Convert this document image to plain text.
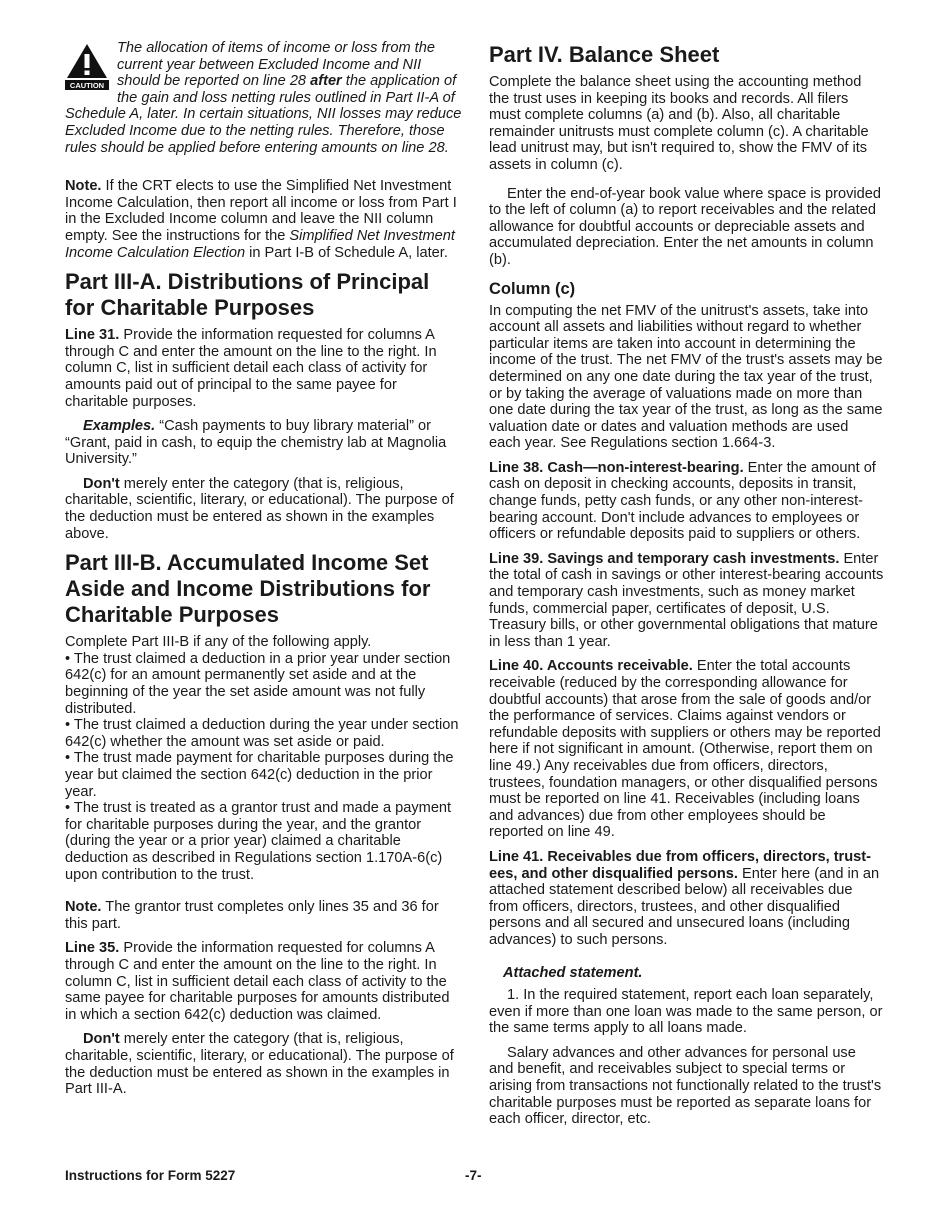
CAUTION

The allocation of items of income or loss from the current year between Excluded Income and NII should be reported on line 28 after the application of the gain and loss netting rules outlined in Part II-A of Schedule A, later. In certain situations, NII losses may reduce Excluded Income due to the netting rules. Therefore, those rules should be applied before entering amounts on line 28.

Note. If the CRT elects to use the Simplified Net Investment Income Calculation, then report all income or loss from Part I in the Excluded Income column and leave the NII column empty. See the instructions for the Simplified Net Investment Income Calculation Election in Part I-B of Schedule A, later.

Part III-A. Distributions of Principal for Charitable Purposes

Line 31. Provide the information requested for columns A through C and enter the amount on the line to the right. In column C, list in sufficient detail each class of activity for amounts paid out of principal to the same payee for charitable purposes.

Examples. “Cash payments to buy library material” or “Grant, paid in cash, to equip the chemistry lab at Magnolia University.”

Don't merely enter the category (that is, religious, charitable, scientific, literary, or educational). The purpose of the deduction must be entered as shown in the examples above.

Part III-B. Accumulated Income Set Aside and Income Distributions for Charitable Purposes

Complete Part III-B if any of the following apply.

• The trust claimed a deduction in a prior year under section 642(c) for an amount permanently set aside and at the beginning of the year the set aside amount was not fully distributed.

• The trust claimed a deduction during the year under section 642(c) whether the amount was set aside or paid.

• The trust made payment for charitable purposes during the year but claimed the section 642(c) deduction in the prior year.

• The trust is treated as a grantor trust and made a payment for charitable purposes during the year, and the grantor (during the year or a prior year) claimed a charitable deduction as described in Regulations section 1.170A-6(c) upon contribution to the trust.

Note. The grantor trust completes only lines 35 and 36 for this part.

Line 35. Provide the information requested for columns A through C and enter the amount on the line to the right. In column C, list in sufficient detail each class of activity to the same payee for charitable purposes for amounts distributed in which a section 642(c) deduction was claimed.

Don't merely enter the category (that is, religious, charitable, scientific, literary, or educational). The purpose of the deduction must be entered as shown in the examples in Part III-A.

Part IV. Balance Sheet

Complete the balance sheet using the accounting method the trust uses in keeping its books and records. All filers must complete columns (a) and (b). Also, all charitable remainder unitrusts must complete column (c). A charitable lead unitrust may, but isn't required to, show the FMV of its assets in column (c).

Enter the end-of-year book value where space is provided to the left of column (a) to report receivables and the related allowance for doubtful accounts or depreciable assets and accumulated depreciation. Enter the net amounts in column (b).

Column (c)

In computing the net FMV of the unitrust's assets, take into account all assets and liabilities without regard to whether particular items are taken into account in determining the income of the trust. The net FMV of the trust's assets may be determined on any one date during the tax year of the trust, or by taking the average of valuations made on more than one date during the tax year of the trust, as long as the same valuation date or dates and valuation methods are used each year. See Regulations section 1.664-3.

Line 38. Cash—non-interest-bearing. Enter the amount of cash on deposit in checking accounts, deposits in transit, change funds, petty cash funds, or any other non-interest-bearing account. Don't include advances to employees or officers or refundable deposits paid to suppliers or others.

Line 39. Savings and temporary cash investments. Enter the total of cash in savings or other interest-bearing accounts and temporary cash investments, such as money market funds, commercial paper, certificates of deposit, U.S. Treasury bills, or other governmental obligations that mature in less than 1 year.

Line 40. Accounts receivable. Enter the total accounts receivable (reduced by the corresponding allowance for doubtful accounts) that arose from the sale of goods and/or the performance of services. Claims against vendors or refundable deposits with suppliers or others may be reported here if not significant in amount. (Otherwise, report them on line 49.) Any receivables due from officers, directors, trustees, foundation managers, or other disqualified persons must be reported on line 41. Receivables (including loans and advances) due from other employees should be reported on line 49.

Line 41. Receivables due from officers, directors, trust-ees, and other disqualified persons. Enter here (and in an attached statement described below) all receivables due from officers, directors, trustees, and other disqualified persons and all secured and unsecured loans (including advances) to such persons.

Attached statement.

1. In the required statement, report each loan separately, even if more than one loan was made to the same person, or the same terms apply to all loans made.

Salary advances and other advances for personal use and benefit, and receivables subject to special terms or arising from transactions not functionally related to the trust's charitable purposes must be reported as separate loans for each officer, director, etc.

Instructions for Form 5227	-7-
